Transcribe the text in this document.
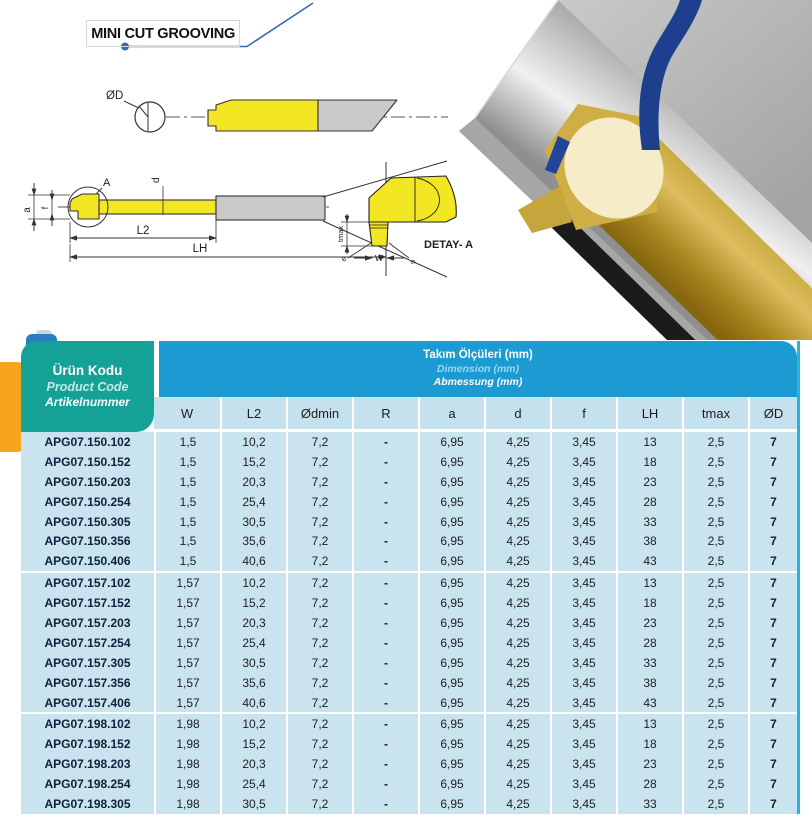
ØD
A
a f
d
L2
LH
e	e
W
tmax
DETAY- A
MINI CUT GROOVING
Ürün Kodu
Product Code
Artikelnummer	Takım Ölçüleri (mm)
Dimension (mm)
Abmessung (mm)									

	W	L2	Ødmin	R	a	d	f	LH	tmax	ØD
APG07.150.102	1,5	10,2	7,2	-	6,95	4,25	3,45	13	2,5	7
APG07.150.152	1,5	15,2	7,2	-	6,95	4,25	3,45	18	2,5	7
APG07.150.203	1,5	20,3	7,2	-	6,95	4,25	3,45	23	2,5	7
APG07.150.254	1,5	25,4	7,2	-	6,95	4,25	3,45	28	2,5	7
APG07.150.305	1,5	30,5	7,2	-	6,95	4,25	3,45	33	2,5	7
APG07.150.356	1,5	35,6	7,2	-	6,95	4,25	3,45	38	2,5	7
APG07.150.406	1,5	40,6	7,2	-	6,95	4,25	3,45	43	2,5	7
APG07.157.102	1,57	10,2	7,2	-	6,95	4,25	3,45	13	2,5	7
APG07.157.152	1,57	15,2	7,2	-	6,95	4,25	3,45	18	2,5	7
APG07.157.203	1,57	20,3	7,2	-	6,95	4,25	3,45	23	2,5	7
APG07.157.254	1,57	25,4	7,2	-	6,95	4,25	3,45	28	2,5	7
APG07.157.305	1,57	30,5	7,2	-	6,95	4,25	3,45	33	2,5	7
APG07.157.356	1,57	35,6	7,2	-	6,95	4,25	3,45	38	2,5	7
APG07.157.406	1,57	40,6	7,2	-	6,95	4,25	3,45	43	2,5	7
APG07.198.102	1,98	10,2	7,2	-	6,95	4,25	3,45	13	2,5	7
APG07.198.152	1,98	15,2	7,2	-	6,95	4,25	3,45	18	2,5	7
APG07.198.203	1,98	20,3	7,2	-	6,95	4,25	3,45	23	2,5	7
APG07.198.254	1,98	25,4	7,2	-	6,95	4,25	3,45	28	2,5	7
APG07.198.305	1,98	30,5	7,2	-	6,95	4,25	3,45	33	2,5	7
